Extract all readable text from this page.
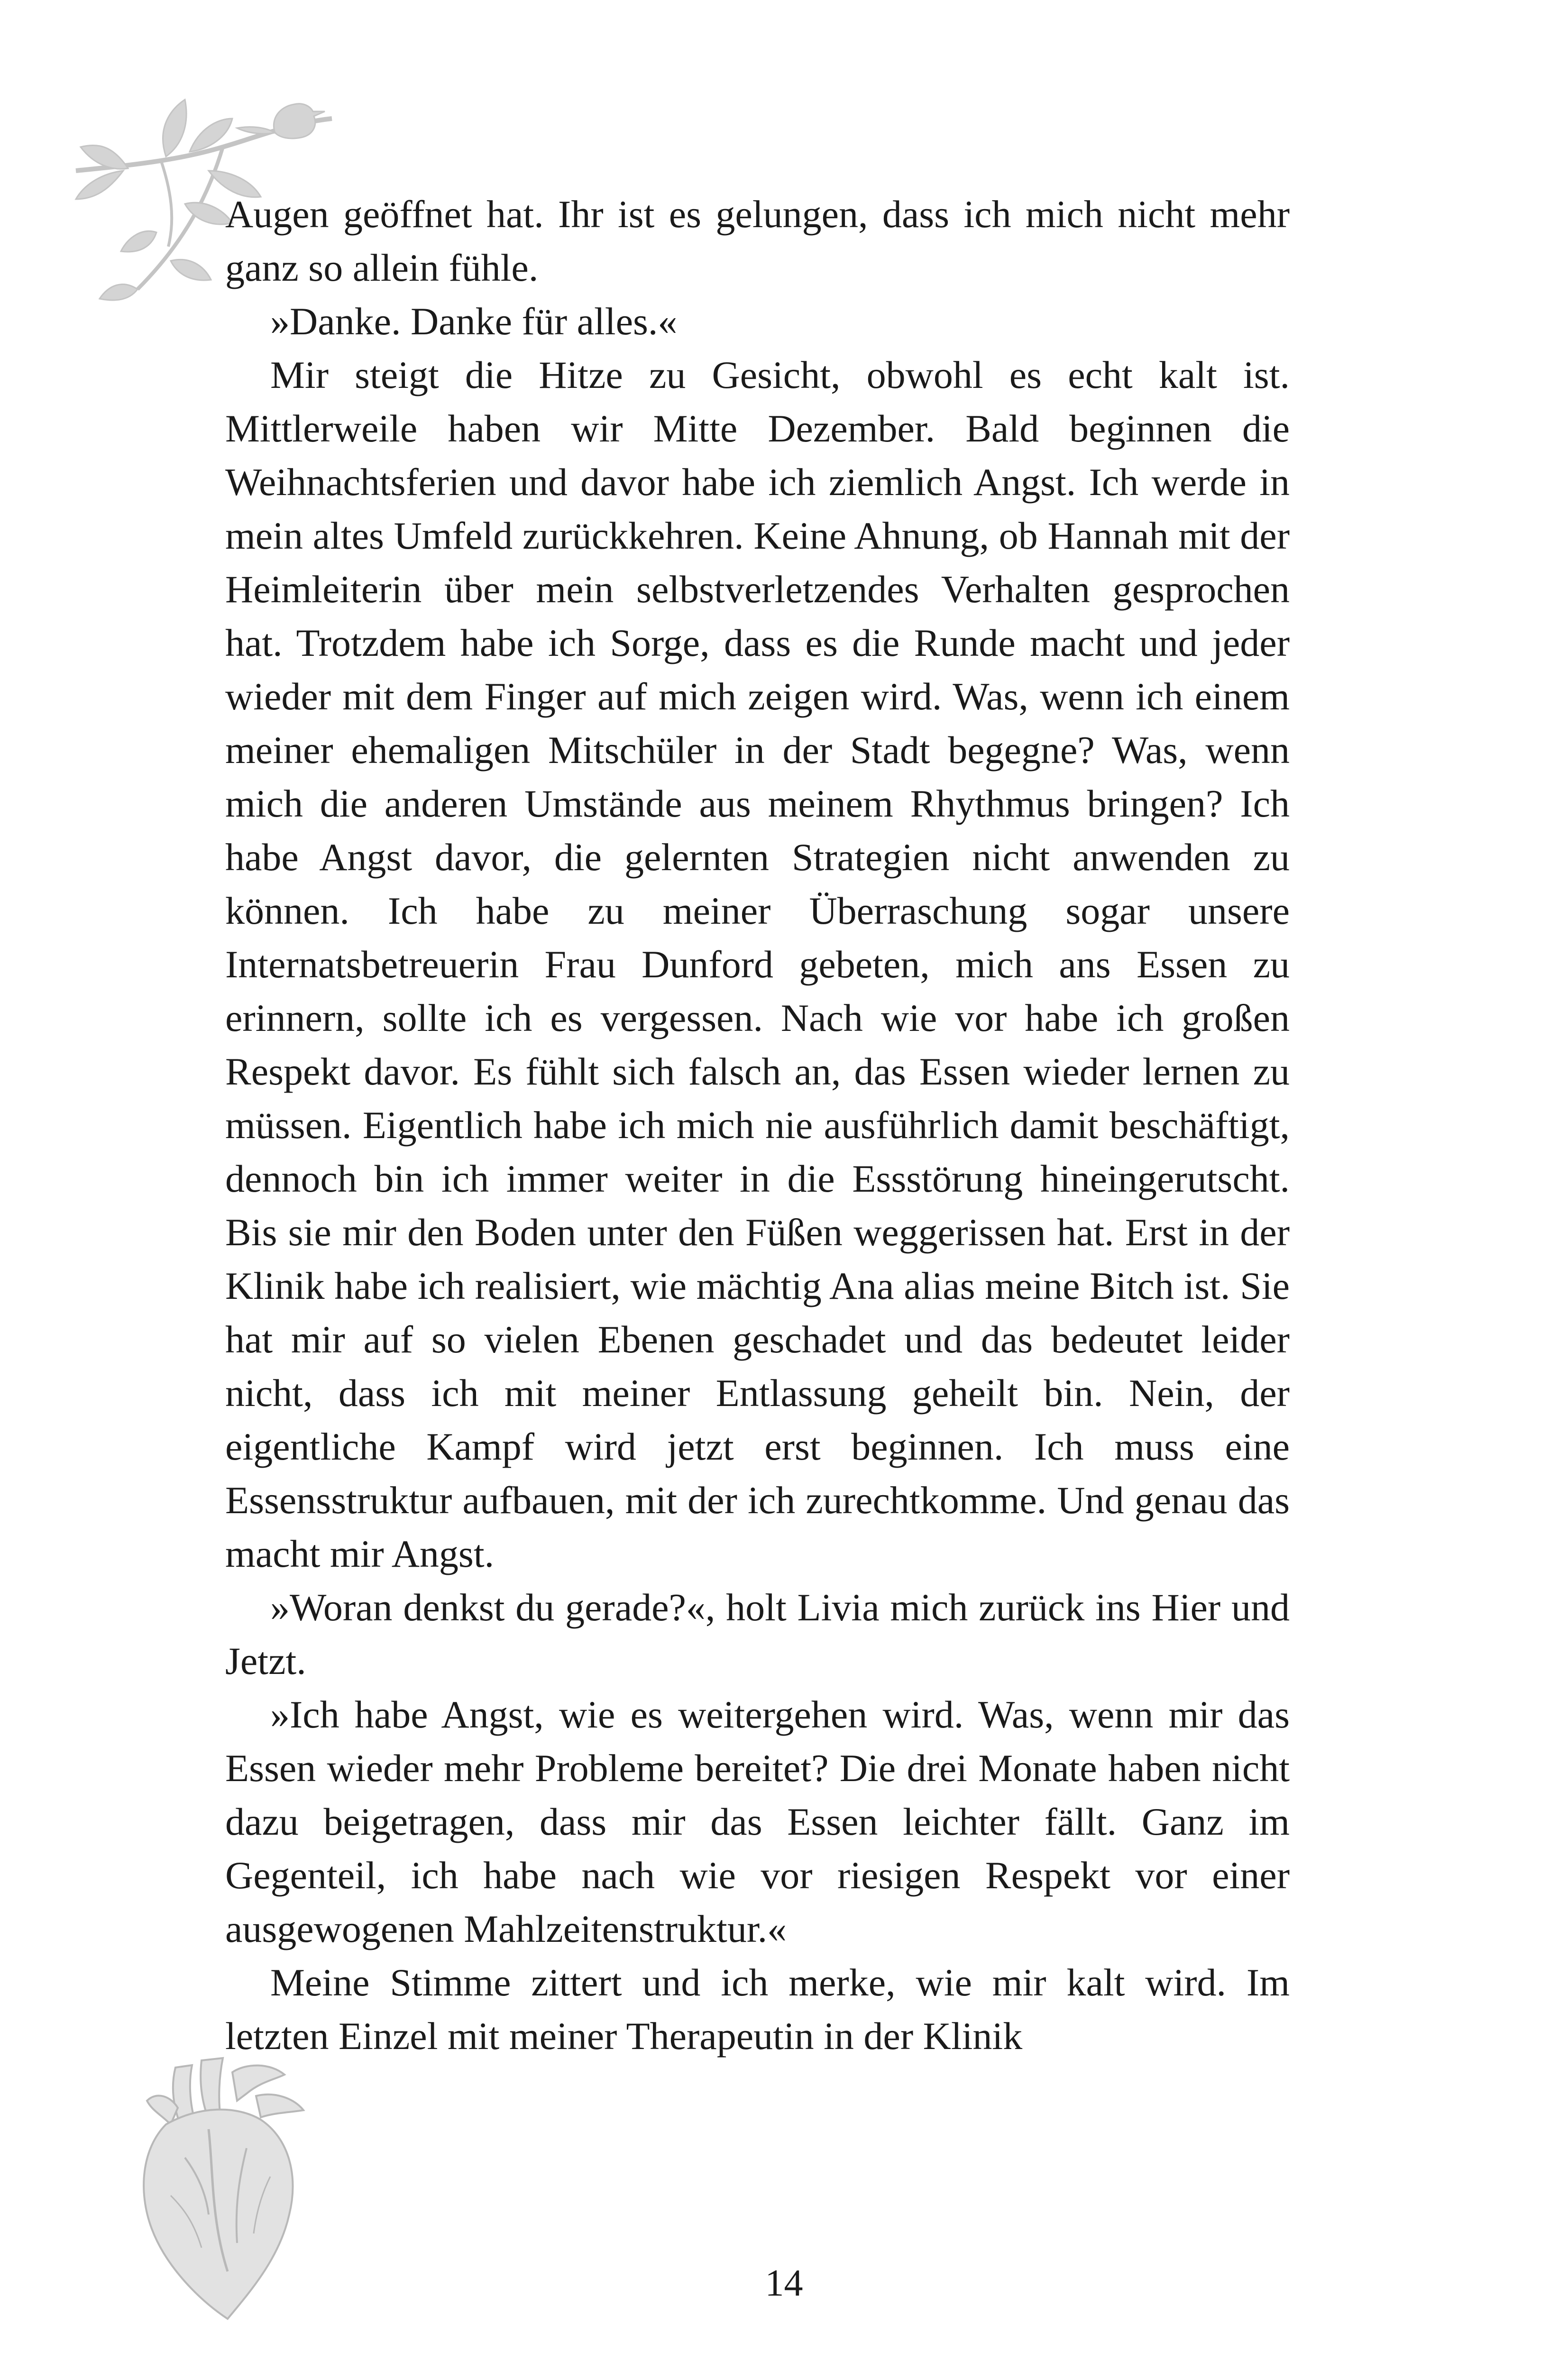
Augen geöffnet hat. Ihr ist es gelungen, dass ich mich nicht mehr ganz so allein fühle.

»Danke. Danke für alles.«

Mir steigt die Hitze zu Gesicht, obwohl es echt kalt ist. Mittlerweile haben wir Mitte Dezember. Bald beginnen die Weihnachtsferien und davor habe ich ziemlich Angst. Ich werde in mein altes Umfeld zurückkehren. Keine Ahnung, ob Hannah mit der Heimleiterin über mein selbstverletzendes Verhalten gesprochen hat. Trotzdem habe ich Sorge, dass es die Runde macht und jeder wieder mit dem Finger auf mich zeigen wird. Was, wenn ich einem meiner ehemaligen Mitschüler in der Stadt begegne? Was, wenn mich die anderen Umstände aus meinem Rhythmus bringen? Ich habe Angst davor, die gelernten Strategien nicht anwenden zu können. Ich habe zu meiner Überraschung sogar unsere Internatsbetreuerin Frau Dunford gebeten, mich ans Essen zu erinnern, sollte ich es vergessen. Nach wie vor habe ich großen Respekt davor. Es fühlt sich falsch an, das Essen wieder lernen zu müssen. Eigentlich habe ich mich nie ausführlich damit beschäftigt, dennoch bin ich immer weiter in die Essstörung hineingerutscht. Bis sie mir den Boden unter den Füßen weggerissen hat. Erst in der Klinik habe ich realisiert, wie mächtig Ana alias meine Bitch ist. Sie hat mir auf so vielen Ebenen geschadet und das bedeutet leider nicht, dass ich mit meiner Entlassung geheilt bin. Nein, der eigentliche Kampf wird jetzt erst beginnen. Ich muss eine Essensstruktur aufbauen, mit der ich zurechtkomme. Und genau das macht mir Angst.

»Woran denkst du gerade?«, holt Livia mich zurück ins Hier und Jetzt.

»Ich habe Angst, wie es weitergehen wird. Was, wenn mir das Essen wieder mehr Probleme bereitet? Die drei Monate haben nicht dazu beigetragen, dass mir das Essen leichter fällt. Ganz im Gegenteil, ich habe nach wie vor riesigen Respekt vor einer ausgewogenen Mahlzeitenstruktur.«

Meine Stimme zittert und ich merke, wie mir kalt wird. Im letzten Einzel mit meiner Therapeutin in der Klinik

14
